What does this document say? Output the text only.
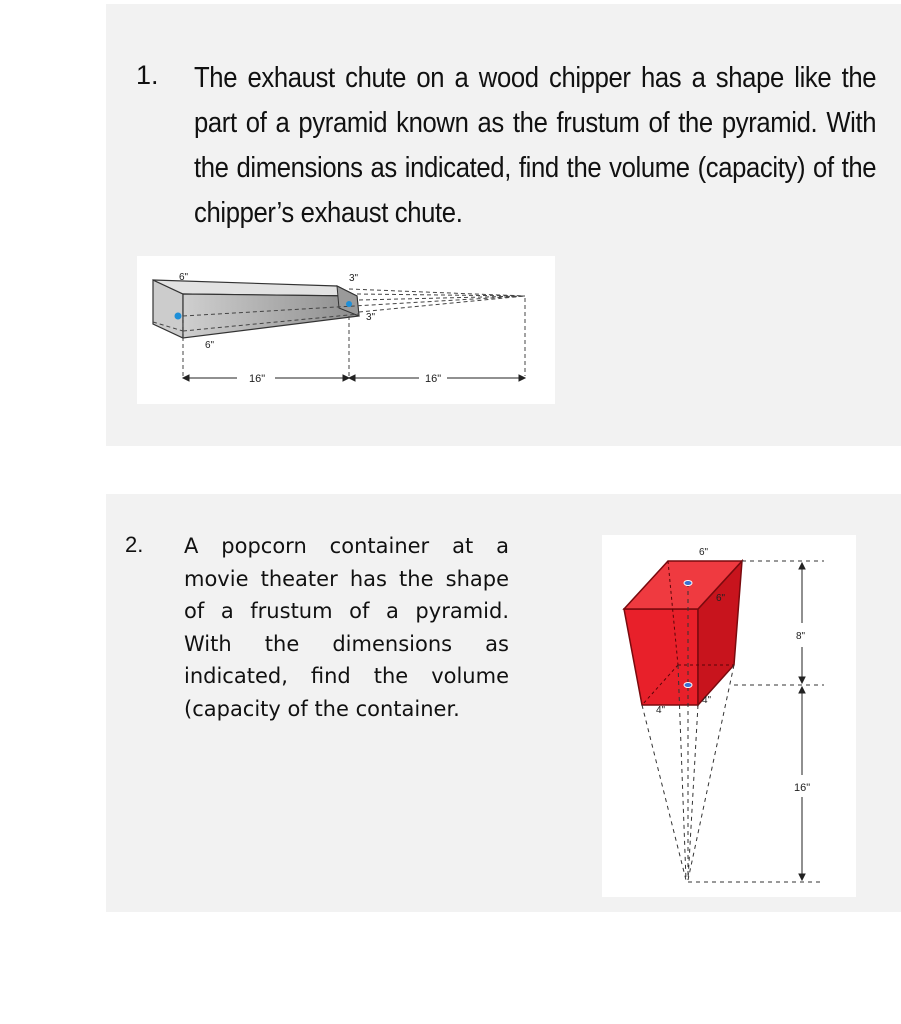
1. The exhaust chute on a wood chipper has a shape like the part of a pyramid known as the frustum of the pyramid. With the dimensions as indicated, find the volume (capacity) of the chipper’s exhaust chute.
6"
6"
3"
3"
16"	16"
2. A popcorn container at a movie theater has the shape of a frustum of a pyramid. With the dimensions as indicated, find the volume (capacity of the container.
6"
6"
4"
4"
8"
16"
